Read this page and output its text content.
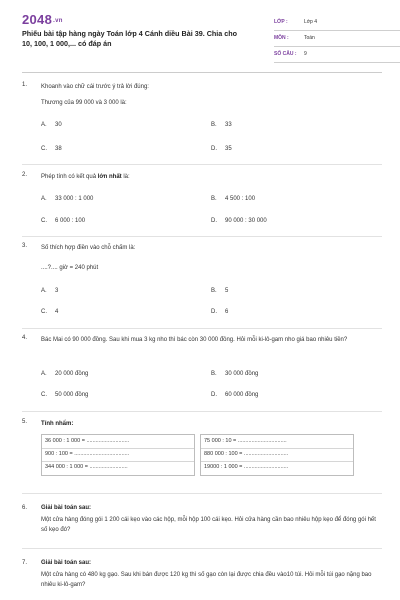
2048.vn
Phiếu bài tập hàng ngày Toán lớp 4 Cánh diều Bài 39. Chia cho 10, 100, 1 000,... có đáp án
LỚP :	Lớp 4
MÔN :	Toán
SỐ CÂU : 9
1. Khoanh vào chữ cái trước ý trả lời đúng:
Thương của 99 000 và 3 000 là:
A. 30	B. 33
C. 38	D. 35
2. Phép tính có kết quả lớn nhất là:
A. 33 000 : 1 000	B. 4 500 : 100
C. 6 000 : 100	D. 90 000 : 30 000
3. Số thích hợp điền vào chỗ chấm là:
....?.... giờ = 240 phút
A. 3	B. 5
C. 4	D. 6
4. Bác Mai có 90 000 đồng. Sau khi mua 3 kg nho thì bác còn 30 000 đồng. Hỏi mỗi ki-lô-gam nho giá bao nhiêu tiền?
A. 20 000 đồng	B. 30 000 đồng
C. 50 000 đồng	D. 60 000 đồng
5. Tính nhẩm:
36 000 : 1 000 = ............................
900 : 100 = ....................................
344 000 : 1 000 = .........................
75 000 : 10 = ................................
880 000 : 100 = .............................
19000 : 1 000 = .............................
6. Giải bài toán sau:
Một cửa hàng đóng gói 1 200 cái kẹo vào các hộp, mỗi hộp 100 cái kẹo. Hỏi cửa hàng cần bao nhiêu hộp kẹo để đóng gói hết số kẹo đó?
7. Giải bài toán sau:
Một cửa hàng có 480 kg gạo. Sau khi bán được 120 kg thì số gạo còn lại được chia đều vào10 túi. Hỏi mỗi túi gạo nặng bao nhiêu ki-lô-gam?
